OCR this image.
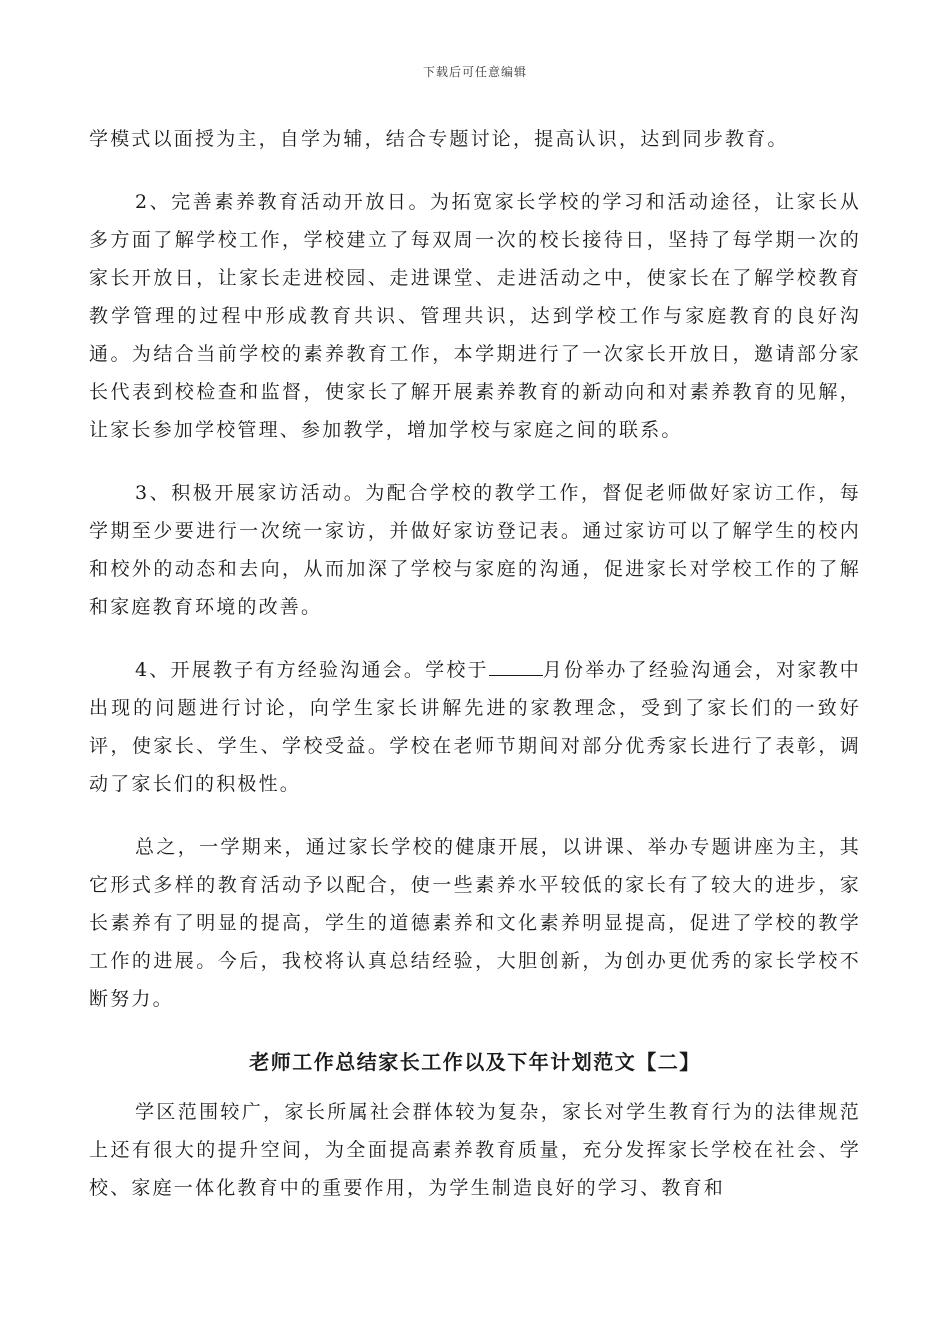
下载后可任意编辑

学模式以面授为主，自学为辅，结合专题讨论，提高认识，达到同步教育。

2、完善素养教育活动开放日。为拓宽家长学校的学习和活动途径，让家长从多方面了解学校工作，学校建立了每双周一次的校长接待日，坚持了每学期一次的家长开放日，让家长走进校园、走进课堂、走进活动之中，使家长在了解学校教育教学管理的过程中形成教育共识、管理共识，达到学校工作与家庭教育的良好沟通。为结合当前学校的素养教育工作，本学期进行了一次家长开放日，邀请部分家长代表到校检查和监督，使家长了解开展素养教育的新动向和对素养教育的见解，让家长参加学校管理、参加教学，增加学校与家庭之间的联系。

3、积极开展家访活动。为配合学校的教学工作，督促老师做好家访工作，每学期至少要进行一次统一家访，并做好家访登记表。通过家访可以了解学生的校内和校外的动态和去向，从而加深了学校与家庭的沟通，促进家长对学校工作的了解和家庭教育环境的改善。

4、开展教子有方经验沟通会。学校于	月份举办了经验沟通会，对家教中出现的问题进行讨论，向学生家长讲解先进的家教理念，受到了家长们的一致好评，使家长、学生、学校受益。学校在老师节期间对部分优秀家长进行了表彰，调动了家长们的积极性。

总之，一学期来，通过家长学校的健康开展，以讲课、举办专题讲座为主，其它形式多样的教育活动予以配合，使一些素养水平较低的家长有了较大的进步，家长素养有了明显的提高，学生的道德素养和文化素养明显提高，促进了学校的教学工作的进展。今后，我校将认真总结经验，大胆创新，为创办更优秀的家长学校不断努力。

老师工作总结家长工作以及下年计划范文【二】

学区范围较广，家长所属社会群体较为复杂，家长对学生教育行为的法律规范上还有很大的提升空间，为全面提高素养教育质量，充分发挥家长学校在社会、学校、家庭一体化教育中的重要作用，为学生制造良好的学习、教育和
